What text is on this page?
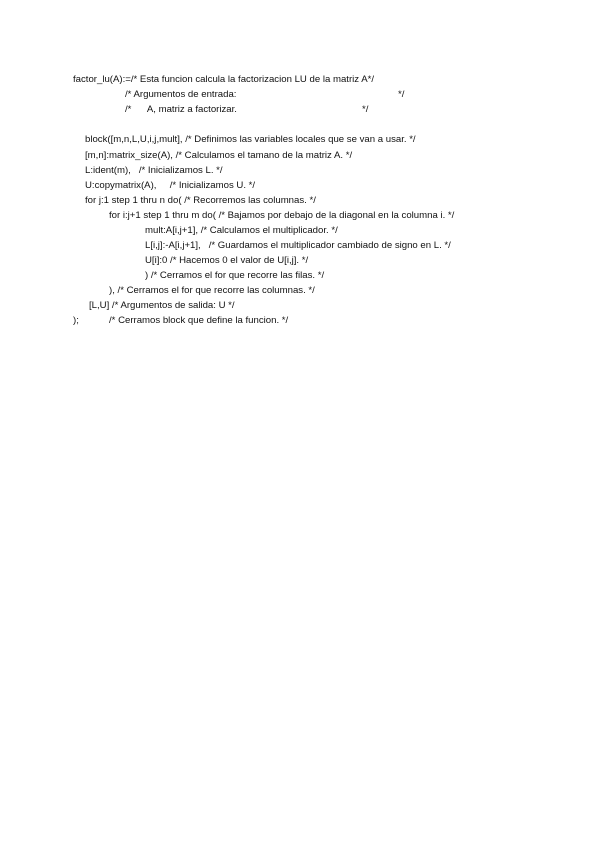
factor_lu(A):=/* Esta funcion calcula la factorizacion LU de la matriz A*/
/* Argumentos de entrada:	*/
/*      A, matriz a factorizar.	*/
block([m,n,L,U,i,j,mult], /* Definimos las variables locales que se van a usar. */
[m,n]:matrix_size(A), /* Calculamos el tamano de la matriz A. */
L:ident(m),   /* Inicializamos L. */
U:copymatrix(A),     /* Inicializamos U. */
for j:1 step 1 thru n do( /* Recorremos las columnas. */
for i:j+1 step 1 thru m do( /* Bajamos por debajo de la diagonal en la columna i. */
mult:A[i,j+1], /* Calculamos el multiplicador. */
L[i,j]:-A[i,j+1],   /* Guardamos el multiplicador cambiado de signo en L. */
U[i]:0 /* Hacemos 0 el valor de U[i,j]. */
) /* Cerramos el for que recorre las filas. */
), /* Cerramos el for que recorre las columnas. */
[L,U] /* Argumentos de salida: U */
);	/* Cerramos block que define la funcion. */
